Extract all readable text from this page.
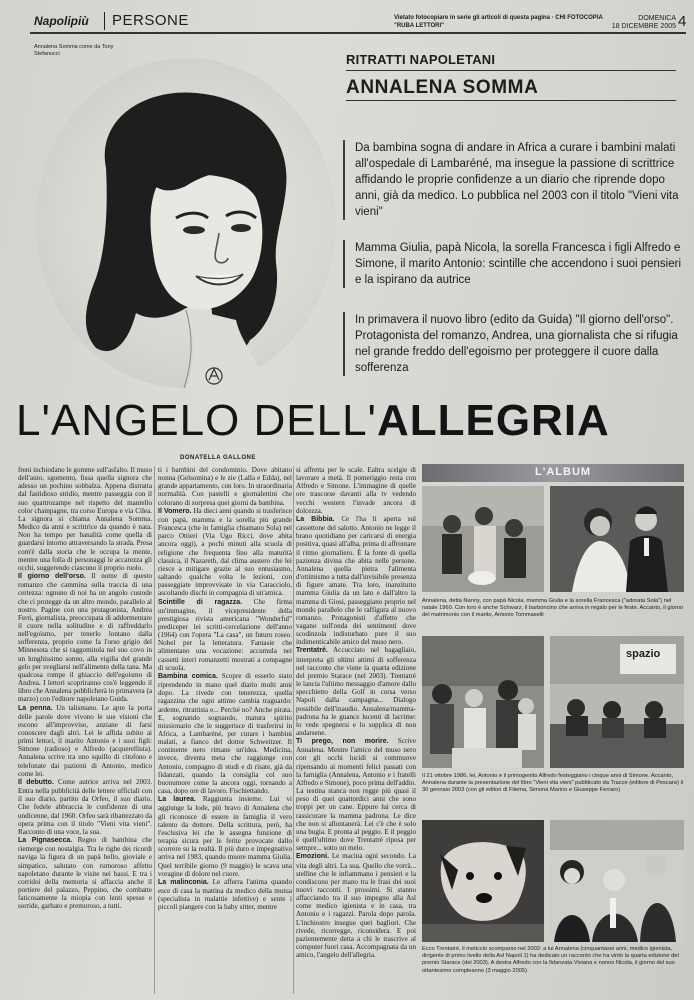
Napolipiù PERSONE	Vietato fotocopiare in serie gli articoli di questa pagina · CHI FOTOCOPIA "RUBA LETTORI"
DOMENICA
18 DICEMBRE 2005 4
Annalena Somma come da Tony Stefanucci	RITRATTI NAPOLETANI
ANNALENA SOMMA
Da bambina sogna di andare in Africa a curare i bambini malati all'ospedale di Lambaréné, ma insegue la passione di scrittrice affidando le proprie confidenze a un diario che riprende dopo anni, già da medico. Lo pubblica nel 2003 con il titolo "Vieni vita vieni"
Mamma Giulia, papà Nicola, la sorella Francesca i figli Alfredo e Simone, il marito Antonio: scintille che accendono i suoi pensieri e la ispirano da autrice
In primavera il nuovo libro (edito da Guida) "Il giorno dell'orso". Protagonista del romanzo, Andrea, una giornalista che si rifugia nel grande freddo dell'egoismo per proteggere il cuore dalla sofferenza
L'ANGELO DELL'ALLEGRIA
DONATELLA GALLONE

freni inchiodano le gomme sull'asfalto. Il muso dell'auto, sgomento, fissa quella signora che adesso un pochino sobbalza. Appena distratta dal fastidioso stridìo, mentre passeggia con il suo quattrozampe nel rispetto del mantello color champagne, tra corso Europa e via Cilea. La signora si chiama Annalena Somma. Medico da anni e scrittrice da quando è nata. Non ha tempo per banalità come quella di guardarsi intorno attraversando la strada. Presa com'è dalla storia che le occupa la mente, mentre una folla di personaggi le accarezza gli occhi, suggerendo ciascuno il proprio ruolo.

Il giorno dell'orso. Il nome di questo romanzo che cammina sulla traccia di una certezza: ognuno di noi ha un angolo custode che ci protegge da un altro mondo, parallelo al nostro. Pagine con una protagonista, Andrea Ferri, giornalista, preoccupata di addormentare il cuore nella solitudine e di raffreddarlo nell'egoismo, per tenerlo lontano dalla sofferenza, proprio come fa l'orso grigio del Minnesota che si raggomitola nel suo covo in un lunghissimo sonno, alla vigilia del grande gelo per svegliarsi nell'alimento della tana. Ma qualcosa rompe il ghiaccio dell'egoismo di Andrea. I lettori scopriranno cos'è leggendo il libro che Annalena pubblicherà in primavera (a marzo) con l'editore napoletano Guida.

La penna. Un talismano. Le apre la porta delle parole dove vivono le sue visioni che escono all'improvviso, anziane di farsi conoscere dagli altri. Lei le affida subito ai primi lettori, il marito Antonio e i suoi figli: Simone (radioso) e Alfredo (acquerellista). Annalena scrive tra uno squillo di citofono e telefonate dai pazienti di Antonio, medico come lei.

Il debutto. Come autrice arriva nel 2003. Entra nella pubblicità delle lettere ufficiali con il suo diario, partito da Orfeo, il suo diario. Che fedele abbraccia le confidenze di una undicenne, dal 1960. Orfeo sarà ribattezzato da opera prima con il titolo "Vieni vita vieni". Racconto di una voce, la sua.

La Pignasecca. Regno di bambina che riemerge con nostalgia. Tra le righe dei ricordi naviga la figura di un papà bello, gioviale e simpatico, salutato con rumoroso affetto napoletano durante le visite nei bassi. E tra i corridoi della memoria si affaccia anche il portiere del palazzo, Peppino, che combatte faticosamente la miopia con lenti spesse e sorride, garbato e premuroso, a tutti.

ti i bambini del condominio. Dove abitano nonna (Gelsomina) e le zie (Lalla e Edda), nel grande appartamento, con loro. In straordinaria normalità. Con pastelli e giornalettini che colorano di sorpresa quei giorni da bambina.

Il Vomero. Ha dieci anni quando si trasferisce con papà, mamma e la sorella più grande Francesca (che in famiglia chiamano Sola) nel parco Ottieri (Via Ugo Ricci, dove abita ancora oggi), a pochi minuti alla scuola di religione che frequenta fino alla maturità classica, il Nazareth, dal clima austero che lei riesce a mitigare grazie al suo entusiasmo, saltando qualche volta le lezioni, con passeggiate improvvisate in via Caracciolo, ascoltando dischi in compagnia di un'amica.

Scintille di ragazza. Che firma un'immagine, il vicepresidente della prestigiosa rivista americana "Wonderful" prediceper lei scritti-cercelazione dell'anno (1964) con l'opera "La casa", un futuro roseo. Nobel per la letteratura. Fantasie che alimentano una vocazione: accumula nei cassetti interi romanzetti mostrati a compagne di scuola.

Bambina comica. Scopre di esserlo stato riprendendo in mano quel diario molti anni dopo. La rivede con tenerezza, quella ragazzina che ogni attimo cambia traguardo: ardente, ritrattista e... Perché no? Anche pirata. E, sognando sognando, matura spirito missionario che le suggerisce di trasferirsi in Africa, a Lambaréné, per curare i bambini malati, a fianco del dottor Schweitzer. Il continente nero rimane un'idea. Medicina, invece, diventa meta che raggiunge con Antonio, compagno di studi e di risate, già da fidanzati, quando la consiglia col suo buonumore come la ancora oggi, tornando a casa, dopo ore di lavoro. Fischiettando.

La laurea. Raggiunta insieme. Lui vi aggiunge la lode, più bravo di Annalena che gli riconosce di essere in famiglia il vero talento da dottore. Della scrittura, però, ha l'esclusiva lei che le assegna funzione di terapia sicura per le ferite provocate dallo scorrere su la realtà. Il più duro e impegnativo arriva nel 1983, quando muore mamma Giulia. Quel terribile giorno (9 maggio) le scava una voragine di dolore nel cuore.

La malinconia. Le afferra l'anima quando esce di casa la mattina da medico della mutua (specialista in malattie infettive) e sente i piccoli piangere con la baby sitter, mentre

si affretta per le scale. Ealtra scelgie di lavorare a metà. Il pomeriggio resta con Alfredo e Simone. L'immagine di quelle ore trascorse davanti alla tv vedendo vecchi western l'invade ancora di dolcezza.

La Bibbia. Ce l'ha li aperta sul cassettone del salotto. Antonio ne legge il brano quotidiano per caricarsi di energia positiva, quasi all'alba, prima di affrontare il ritmo giornaliero. È la fonte di quella pazienza divina che abita nelle persone. Annalena quella pietra l'alimenta d'ottimismo a tutta dall'invisibile presenza di figure amate. Tra loro, inanzitutto mamma Giulia da un lato e dall'altro la mamma di Giosi, passeggiano proprio nel mondo parallelo che le raffigura al nuovo romanzo. Protagonisti d'affetto che vagano sull'onda dei sentimenti dove scodinzola indisturbato pure il suo indimenticabile amico del muso nero.

Trentatré. Accucciato nel bagagliaio, interpreta gli ultimi attimi di sofferenza nel racconto che viene la quarta edizione del premio Starace (nel 2003). Trentatré le lancia l'ultimo messaggio d'amore dallo specchietto della Golf in corsa verso Napoli dalla campagna... Dialogo possibile dell'inaudio. Annalena/mamma-padrona ha le guance lucenti di lacrime: lo vede spegnersi e lo supplica di non andarsene.

Ti prego, non morire. Scrive Annalena. Mentre l'amico del muso nero con gli occhi lucidi si commuove ripensando ai momenti felici passati con la famiglia (Annalena, Antonio e i fratelli Alfredo e Simone), poco prima dell'addio. La testina stanca non regge più quasi il peso di quei quattordici anni che sono troppi per un cane. Eppure lui cerca di rassicurare la mamma padrona. Le dice che non si allontanerà. Lei c'è che è solo una bugia. E pronta al peggio. E il peggio è quell'ultimo dove Trentatré riposa per sempre... sotto un melo.

Emozioni. Le macina ogni secondo. La vita degli altri. La sua. Quello che vorrà... stelline che le infiammano i pensieri e la condiscono per mano tra le frasi dei suoi nuovi racconti. I prossimi. Si stanno affacciando tra il suo impegno alla Asl come medico igienista e in casa, tra Antonio e i ragazzi. Parola dopo parola. L'inchiostro insegue quei bagliori. Che rivede, ricorregge, riconsidera. E poi pazientemente detta a chi le trascrive al computer fuori casa. Accompagnata da un amico, l'angelo dell'allegria.

L'ALBUM
Annalena, detta Nanny, con papà Nicola, mamma Giulia e la sorella Francesca ("adorata Sola") nel natale 1960. Con loro è anche Schwarz, il barboncino che arriva in regalo per le feste. Accanto, il giorno del matrimonio con il marito, Antonio Tommaselli
spazio
Il 21 ottobre 1986, lei, Antonio e il primogenito Alfredo festeggiano i cinque anni di Simone. Accanto, Annalena durante la presentazione del libro "Vieni vita vieni" pubblicato da Tracce (editore di Pescara) il 30 gennaio 2003 (con gli editori di Filema, Simona Marino e Giuseppe Ferraro)
Ecco Trentatré, il meticcio scomparso nel 2002: a lui Annalena (cinquantasei anni, medico igienista, dirigente di primo livello della Asl Napoli 1) ha dedicato un racconto che ha vinto la quarta edizione del premio Starace (del 2003). A destra Alfredo con la fidanzata Viviana e nonno Nicola, il giorno del suo ottantesimo compleanno (3 maggio 2005)
